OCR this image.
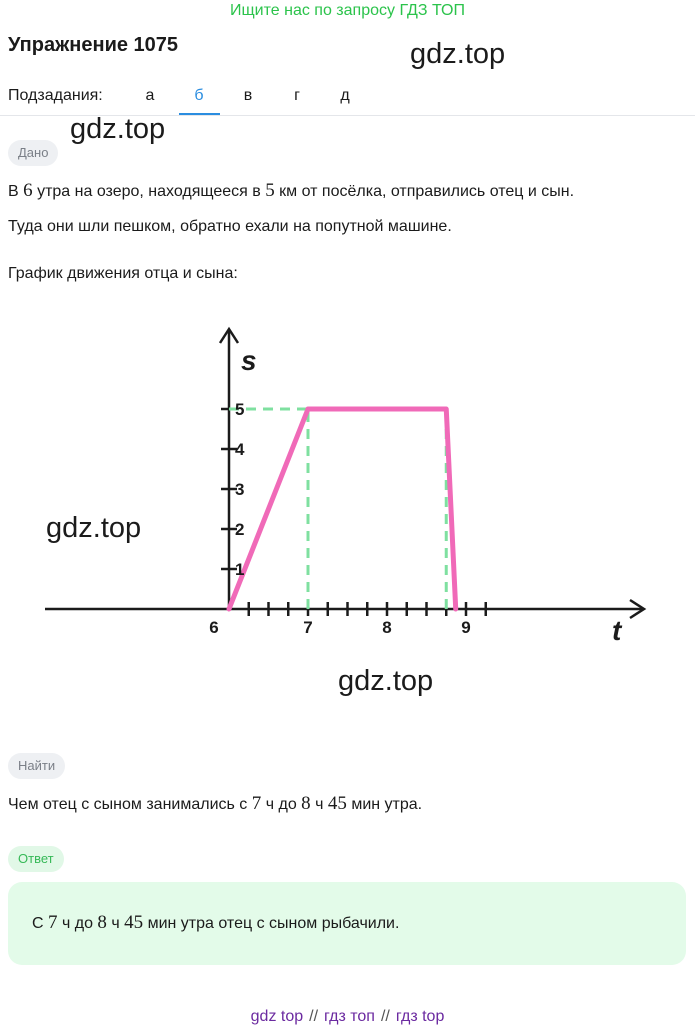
Ищите нас по запросу ГДЗ ТОП
Упражнение 1075	gdz.top
Подзадания:	а	б	в	г	д
gdz.top
Дано
В 6 утра на озеро, находящееся в 5 км от посёлка, отправились отец и сын.
Туда они шли пешком, обратно ехали на попутной машине.
График движения отца и сына:
6	7	8	9
1
2
3
4
5
t
s
gdz.top
gdz.top
Найти
Чем отец с сыном занимались с 7 ч до 8 ч 45 мин утра.
Ответ
С 7 ч до 8 ч 45 мин утра отец с сыном рыбачили.
gdz top // гдз топ // гдз top
